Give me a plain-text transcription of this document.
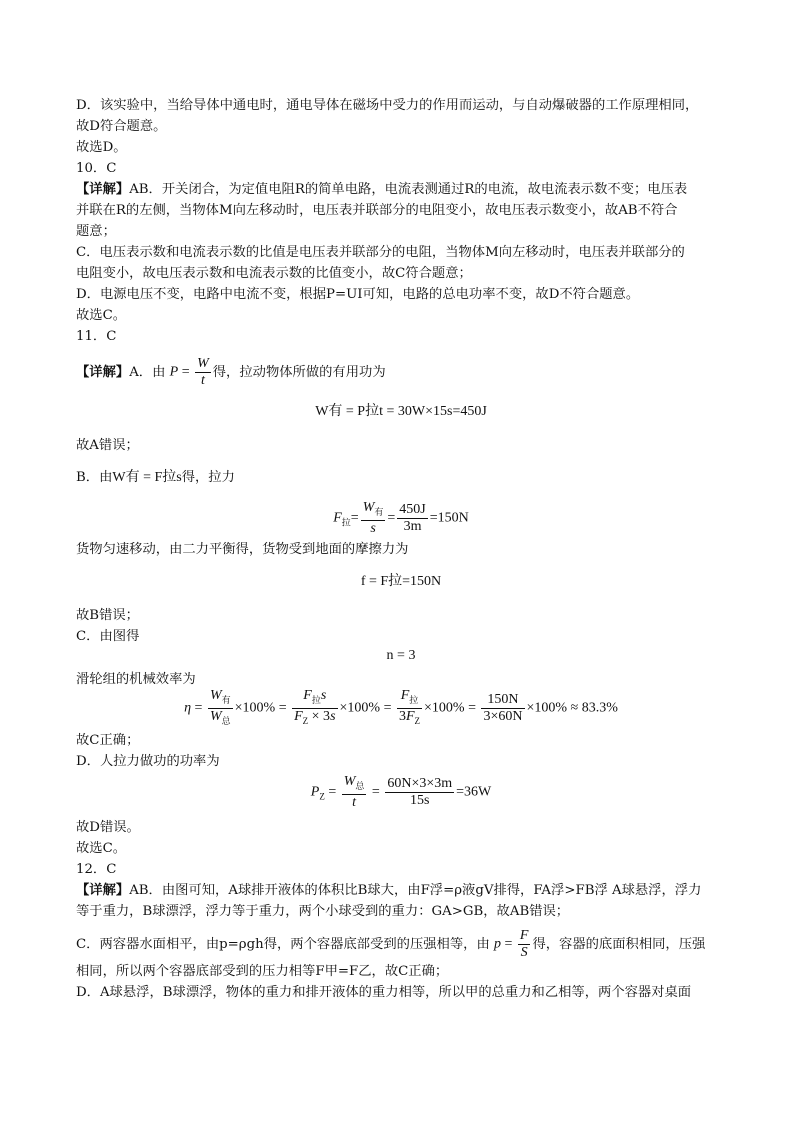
D．该实验中，当给导体中通电时，通电导体在磁场中受力的作用而运动，与自动爆破器的工作原理相同，

故D符合题意。

故选D。

10．C

【详解】AB．开关闭合，为定值电阻R的简单电路，电流表测通过R的电流，故电流表示数不变；电压表

并联在R的左侧，当物体M向左移动时，电压表并联部分的电阻变小，故电压表示数变小，故AB不符合

题意；

C．电压表示数和电流表示数的比值是电压表并联部分的电阻，当物体M向左移动时，电压表并联部分的

电阻变小，故电压表示数和电流表示数的比值变小，故C符合题意；

D．电源电压不变，电路中电流不变，根据P=UI可知，电路的总电功率不变，故D不符合题意。

故选C。

11．C

【详解】A．由 $P = \frac{W}{t}$ 得，拉动物体所做的有用功为

W有 = P拉t = 30W×15s=450J

故A错误；

B．由W有 = F拉s得，拉力

$F_拉= \frac{W_有}{s} = \frac{450J}{3m} =150N$

货物匀速移动，由二力平衡得，货物受到地面的摩擦力为

f = F拉=150N

故B错误；

C．由图得

n = 3

滑轮组的机械效率为

$\eta = \frac{W_有}{W_总} \times 100\% = \frac{F_拉s}{F_Z \times 3s} \times 100\% = \frac{F_拉}{3F_Z} \times 100\% = \frac{150N}{3\times 60N} \times 100\% \approx 83.3\%$

故C正确；

D．人拉力做功的功率为

$P_Z = \frac{W_总}{t} = \frac{60N\times 3\times 3m}{15s} =36W$

故D错误。

故选C。

12．C

【详解】AB．由图可知，A球排开液体的体积比B球大，由F浮=ρ液gV排得，FA浮>FB浮 A球悬浮，浮力

等于重力，B球漂浮，浮力等于重力，两个小球受到的重力：GA>GB，故AB错误；

C．两容器水面相平，由p=ρgh得，两个容器底部受到的压强相等，由 $p = \frac{F}{S}$ 得，容器的底面积相同，压强

相同，所以两个容器底部受到的压力相等F甲=F乙，故C正确；

D．A球悬浮，B球漂浮，物体的重力和排开液体的重力相等，所以甲的总重力和乙相等，两个容器对桌面
